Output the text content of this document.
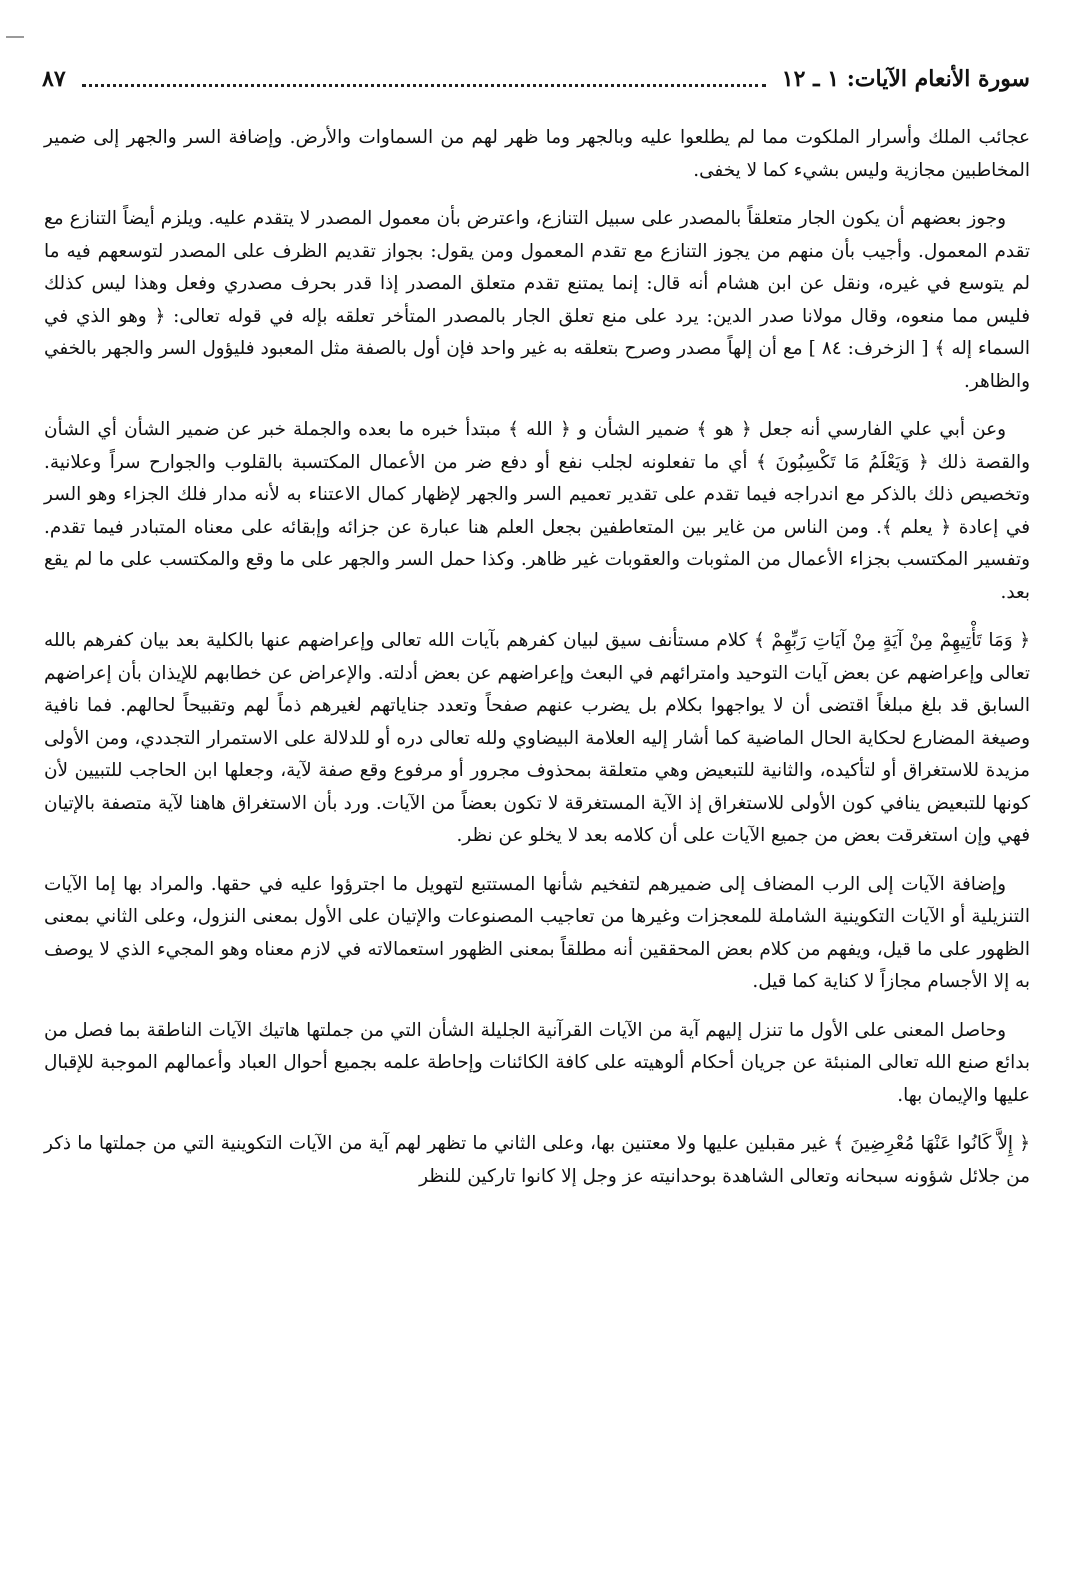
سورة الأنعام الآيات: ١ ـ ١٢
٨٧

عجائب الملك وأسرار الملكوت مما لم يطلعوا عليه وبالجهر وما ظهر لهم من السماوات والأرض. وإضافة السر والجهر إلى ضمير المخاطبين مجازية وليس بشيء كما لا يخفى.

وجوز بعضهم أن يكون الجار متعلقاً بالمصدر على سبيل التنازع، واعترض بأن معمول المصدر لا يتقدم عليه. ويلزم أيضاً التنازع مع تقدم المعمول. وأجيب بأن منهم من يجوز التنازع مع تقدم المعمول ومن يقول: بجواز تقديم الظرف على المصدر لتوسعهم فيه ما لم يتوسع في غيره، ونقل عن ابن هشام أنه قال: إنما يمتنع تقدم متعلق المصدر إذا قدر بحرف مصدري وفعل وهذا ليس كذلك فليس مما منعوه، وقال مولانا صدر الدين: يرد على منع تعلق الجار بالمصدر المتأخر تعلقه بإله في قوله تعالى: ﴿ وهو الذي في السماء إله ﴾ [ الزخرف: ٨٤ ] مع أن إلهاً مصدر وصرح بتعلقه به غير واحد فإن أول بالصفة مثل المعبود فليؤول السر والجهر بالخفي والظاهر.

وعن أبي علي الفارسي أنه جعل ﴿ هو ﴾ ضمير الشأن و ﴿ الله ﴾ مبتدأ خبره ما بعده والجملة خبر عن ضمير الشأن أي الشأن والقصة ذلك ﴿ وَيَعْلَمُ مَا تَكْسِبُونَ ﴾ أي ما تفعلونه لجلب نفع أو دفع ضر من الأعمال المكتسبة بالقلوب والجوارح سراً وعلانية. وتخصيص ذلك بالذكر مع اندراجه فيما تقدم على تقدير تعميم السر والجهر لإظهار كمال الاعتناء به لأنه مدار فلك الجزاء وهو السر في إعادة ﴿ يعلم ﴾. ومن الناس من غاير بين المتعاطفين بجعل العلم هنا عبارة عن جزائه وإبقائه على معناه المتبادر فيما تقدم. وتفسير المكتسب بجزاء الأعمال من المثوبات والعقوبات غير ظاهر. وكذا حمل السر والجهر على ما وقع والمكتسب على ما لم يقع بعد.

﴿ وَمَا تَأْتِيهِمْ مِنْ آيَةٍ مِنْ آيَاتِ رَبِّهِمْ ﴾ كلام مستأنف سيق لبيان كفرهم بآيات الله تعالى وإعراضهم عنها بالكلية بعد بيان كفرهم بالله تعالى وإعراضهم عن بعض آيات التوحيد وامترائهم في البعث وإعراضهم عن بعض أدلته. والإعراض عن خطابهم للإيذان بأن إعراضهم السابق قد بلغ مبلغاً اقتضى أن لا يواجهوا بكلام بل يضرب عنهم صفحاً وتعدد جناياتهم لغيرهم ذماً لهم وتقبيحاً لحالهم. فما نافية وصيغة المضارع لحكاية الحال الماضية كما أشار إليه العلامة البيضاوي ولله تعالى دره أو للدلالة على الاستمرار التجددي، ومن الأولى مزيدة للاستغراق أو لتأكيده، والثانية للتبعيض وهي متعلقة بمحذوف مجرور أو مرفوع وقع صفة لآية، وجعلها ابن الحاجب للتبيين لأن كونها للتبعيض ينافي كون الأولى للاستغراق إذ الآية المستغرقة لا تكون بعضاً من الآيات. ورد بأن الاستغراق هاهنا لآية متصفة بالإتيان فهي وإن استغرقت بعض من جميع الآيات على أن كلامه بعد لا يخلو عن نظر.

وإضافة الآيات إلى الرب المضاف إلى ضميرهم لتفخيم شأنها المستتبع لتهويل ما اجترؤوا عليه في حقها. والمراد بها إما الآيات التنزيلية أو الآيات التكوينية الشاملة للمعجزات وغيرها من تعاجيب المصنوعات والإتيان على الأول بمعنى النزول، وعلى الثاني بمعنى الظهور على ما قيل، ويفهم من كلام بعض المحققين أنه مطلقاً بمعنى الظهور استعمالاته في لازم معناه وهو المجيء الذي لا يوصف به إلا الأجسام مجازاً لا كناية كما قيل.

وحاصل المعنى على الأول ما تنزل إليهم آية من الآيات القرآنية الجليلة الشأن التي من جملتها هاتيك الآيات الناطقة بما فصل من بدائع صنع الله تعالى المنبئة عن جريان أحكام ألوهيته على كافة الكائنات وإحاطة علمه بجميع أحوال العباد وأعمالهم الموجبة للإقبال عليها والإيمان بها.

﴿ إِلاَّ كَانُوا عَنْهَا مُعْرِضِينَ ﴾ غير مقبلين عليها ولا معتنين بها، وعلى الثاني ما تظهر لهم آية من الآيات التكوينية التي من جملتها ما ذكر من جلائل شؤونه سبحانه وتعالى الشاهدة بوحدانيته عز وجل إلا كانوا تاركين للنظر
